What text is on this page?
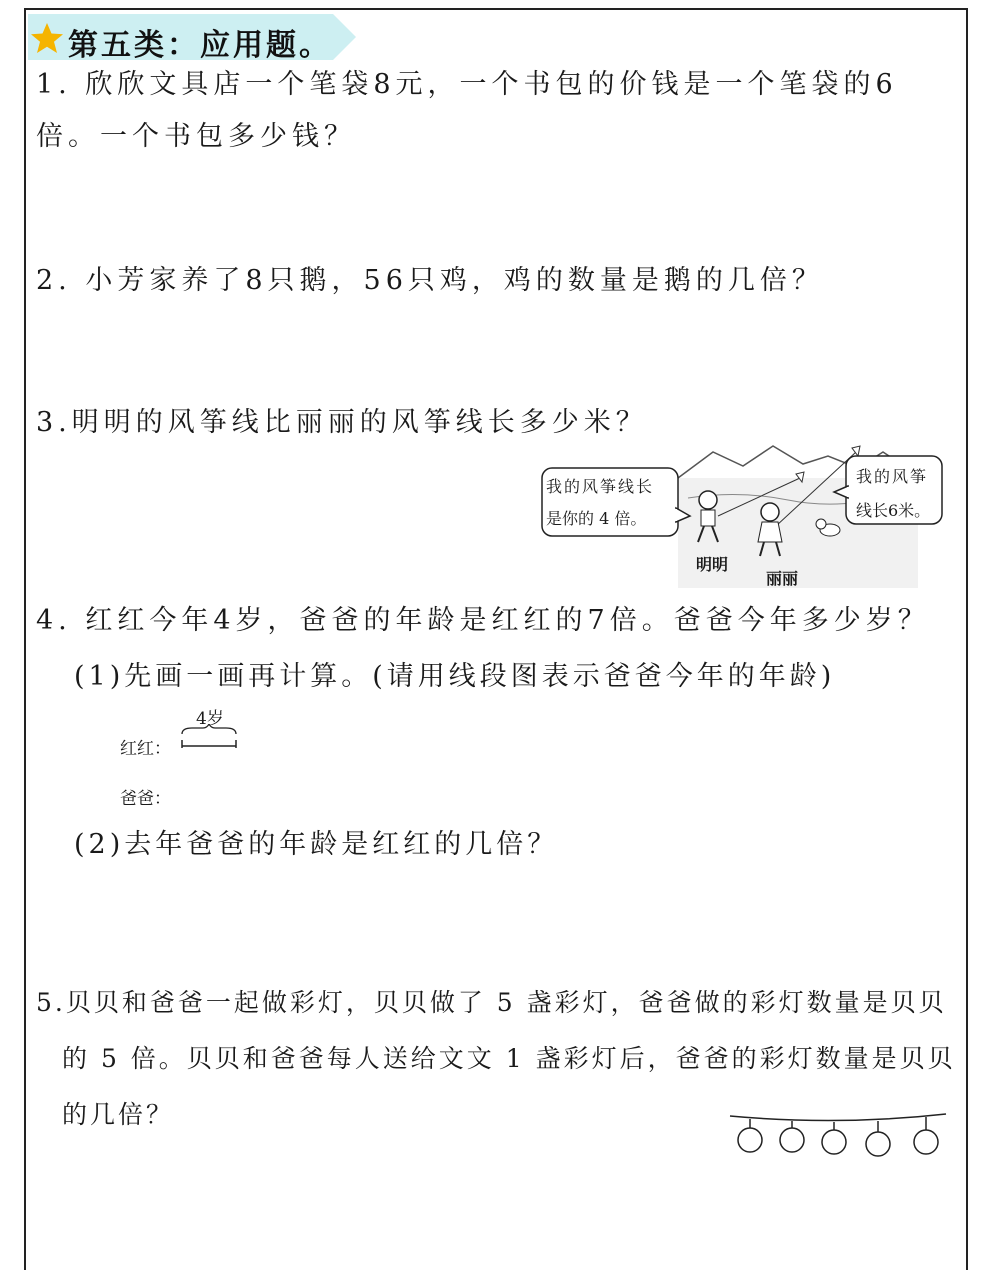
第五类：应用题。
1. 欣欣文具店一个笔袋8元，一个书包的价钱是一个笔袋的6
倍。一个书包多少钱？
2. 小芳家养了8只鹅，56只鸡，鸡的数量是鹅的几倍？
3.明明的风筝线比丽丽的风筝线长多少米？
我的风筝线长
是你的 4 倍。
我的风筝
线长6米。
明明
丽丽
4. 红红今年4岁，爸爸的年龄是红红的7倍。爸爸今年多少岁？
(1)先画一画再计算。(请用线段图表示爸爸今年的年龄)
4岁
红红：
爸爸：
(2)去年爸爸的年龄是红红的几倍？
5.贝贝和爸爸一起做彩灯，贝贝做了 5 盏彩灯，爸爸做的彩灯数量是贝贝
的 5 倍。贝贝和爸爸每人送给文文 1 盏彩灯后，爸爸的彩灯数量是贝贝
的几倍？
